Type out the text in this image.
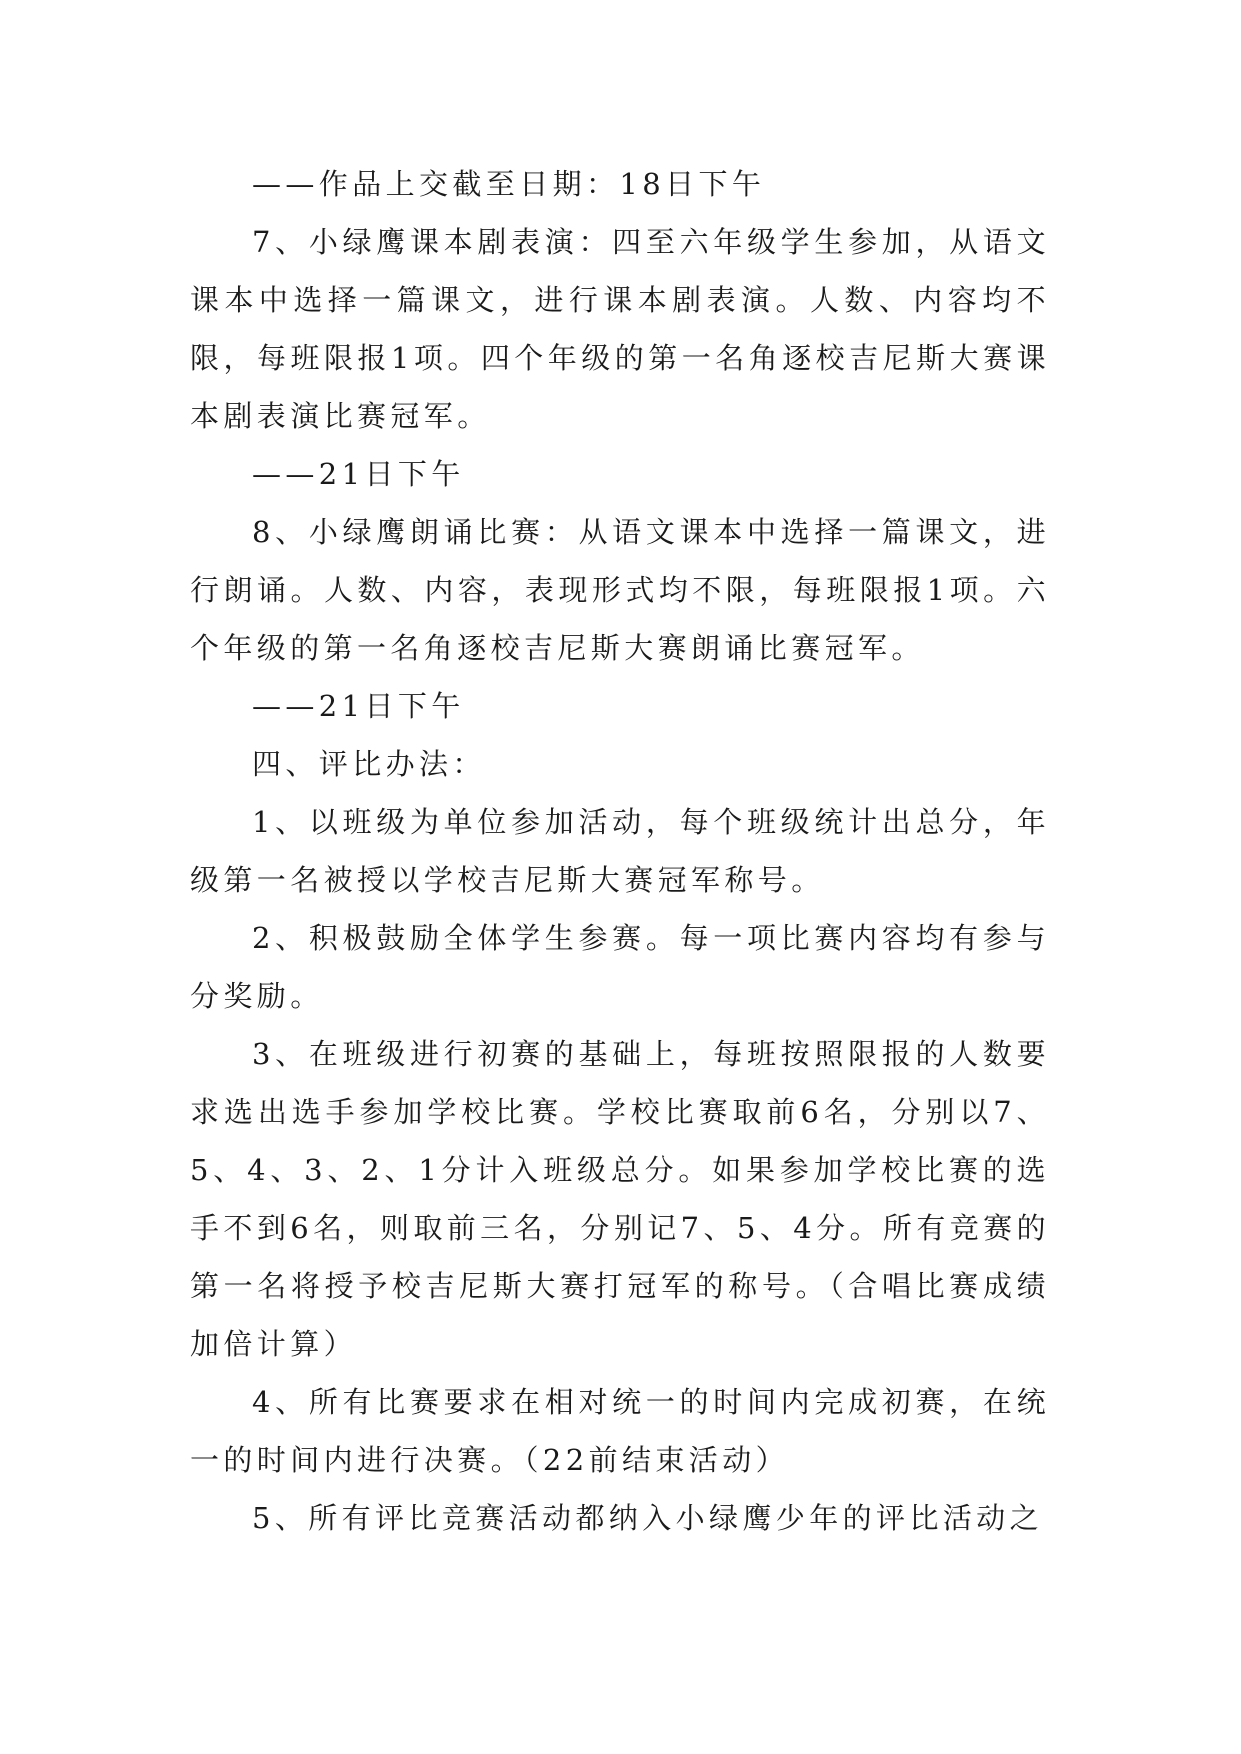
——作品上交截至日期：18日下午

7、小绿鹰课本剧表演：四至六年级学生参加，从语文课本中选择一篇课文，进行课本剧表演。人数、内容均不限，每班限报1项。四个年级的第一名角逐校吉尼斯大赛课本剧表演比赛冠军。

——21日下午

8、小绿鹰朗诵比赛：从语文课本中选择一篇课文，进行朗诵。人数、内容，表现形式均不限，每班限报1项。六个年级的第一名角逐校吉尼斯大赛朗诵比赛冠军。

——21日下午

四、评比办法：

1、以班级为单位参加活动，每个班级统计出总分，年级第一名被授以学校吉尼斯大赛冠军称号。

2、积极鼓励全体学生参赛。每一项比赛内容均有参与分奖励。

3、在班级进行初赛的基础上，每班按照限报的人数要求选出选手参加学校比赛。学校比赛取前6名，分别以7、5、4、3、2、1分计入班级总分。如果参加学校比赛的选手不到6名，则取前三名，分别记7、5、4分。所有竞赛的第一名将授予校吉尼斯大赛打冠军的称号。（合唱比赛成绩加倍计算）

4、所有比赛要求在相对统一的时间内完成初赛，在统一的时间内进行决赛。（22前结束活动）

5、所有评比竞赛活动都纳入小绿鹰少年的评比活动之
